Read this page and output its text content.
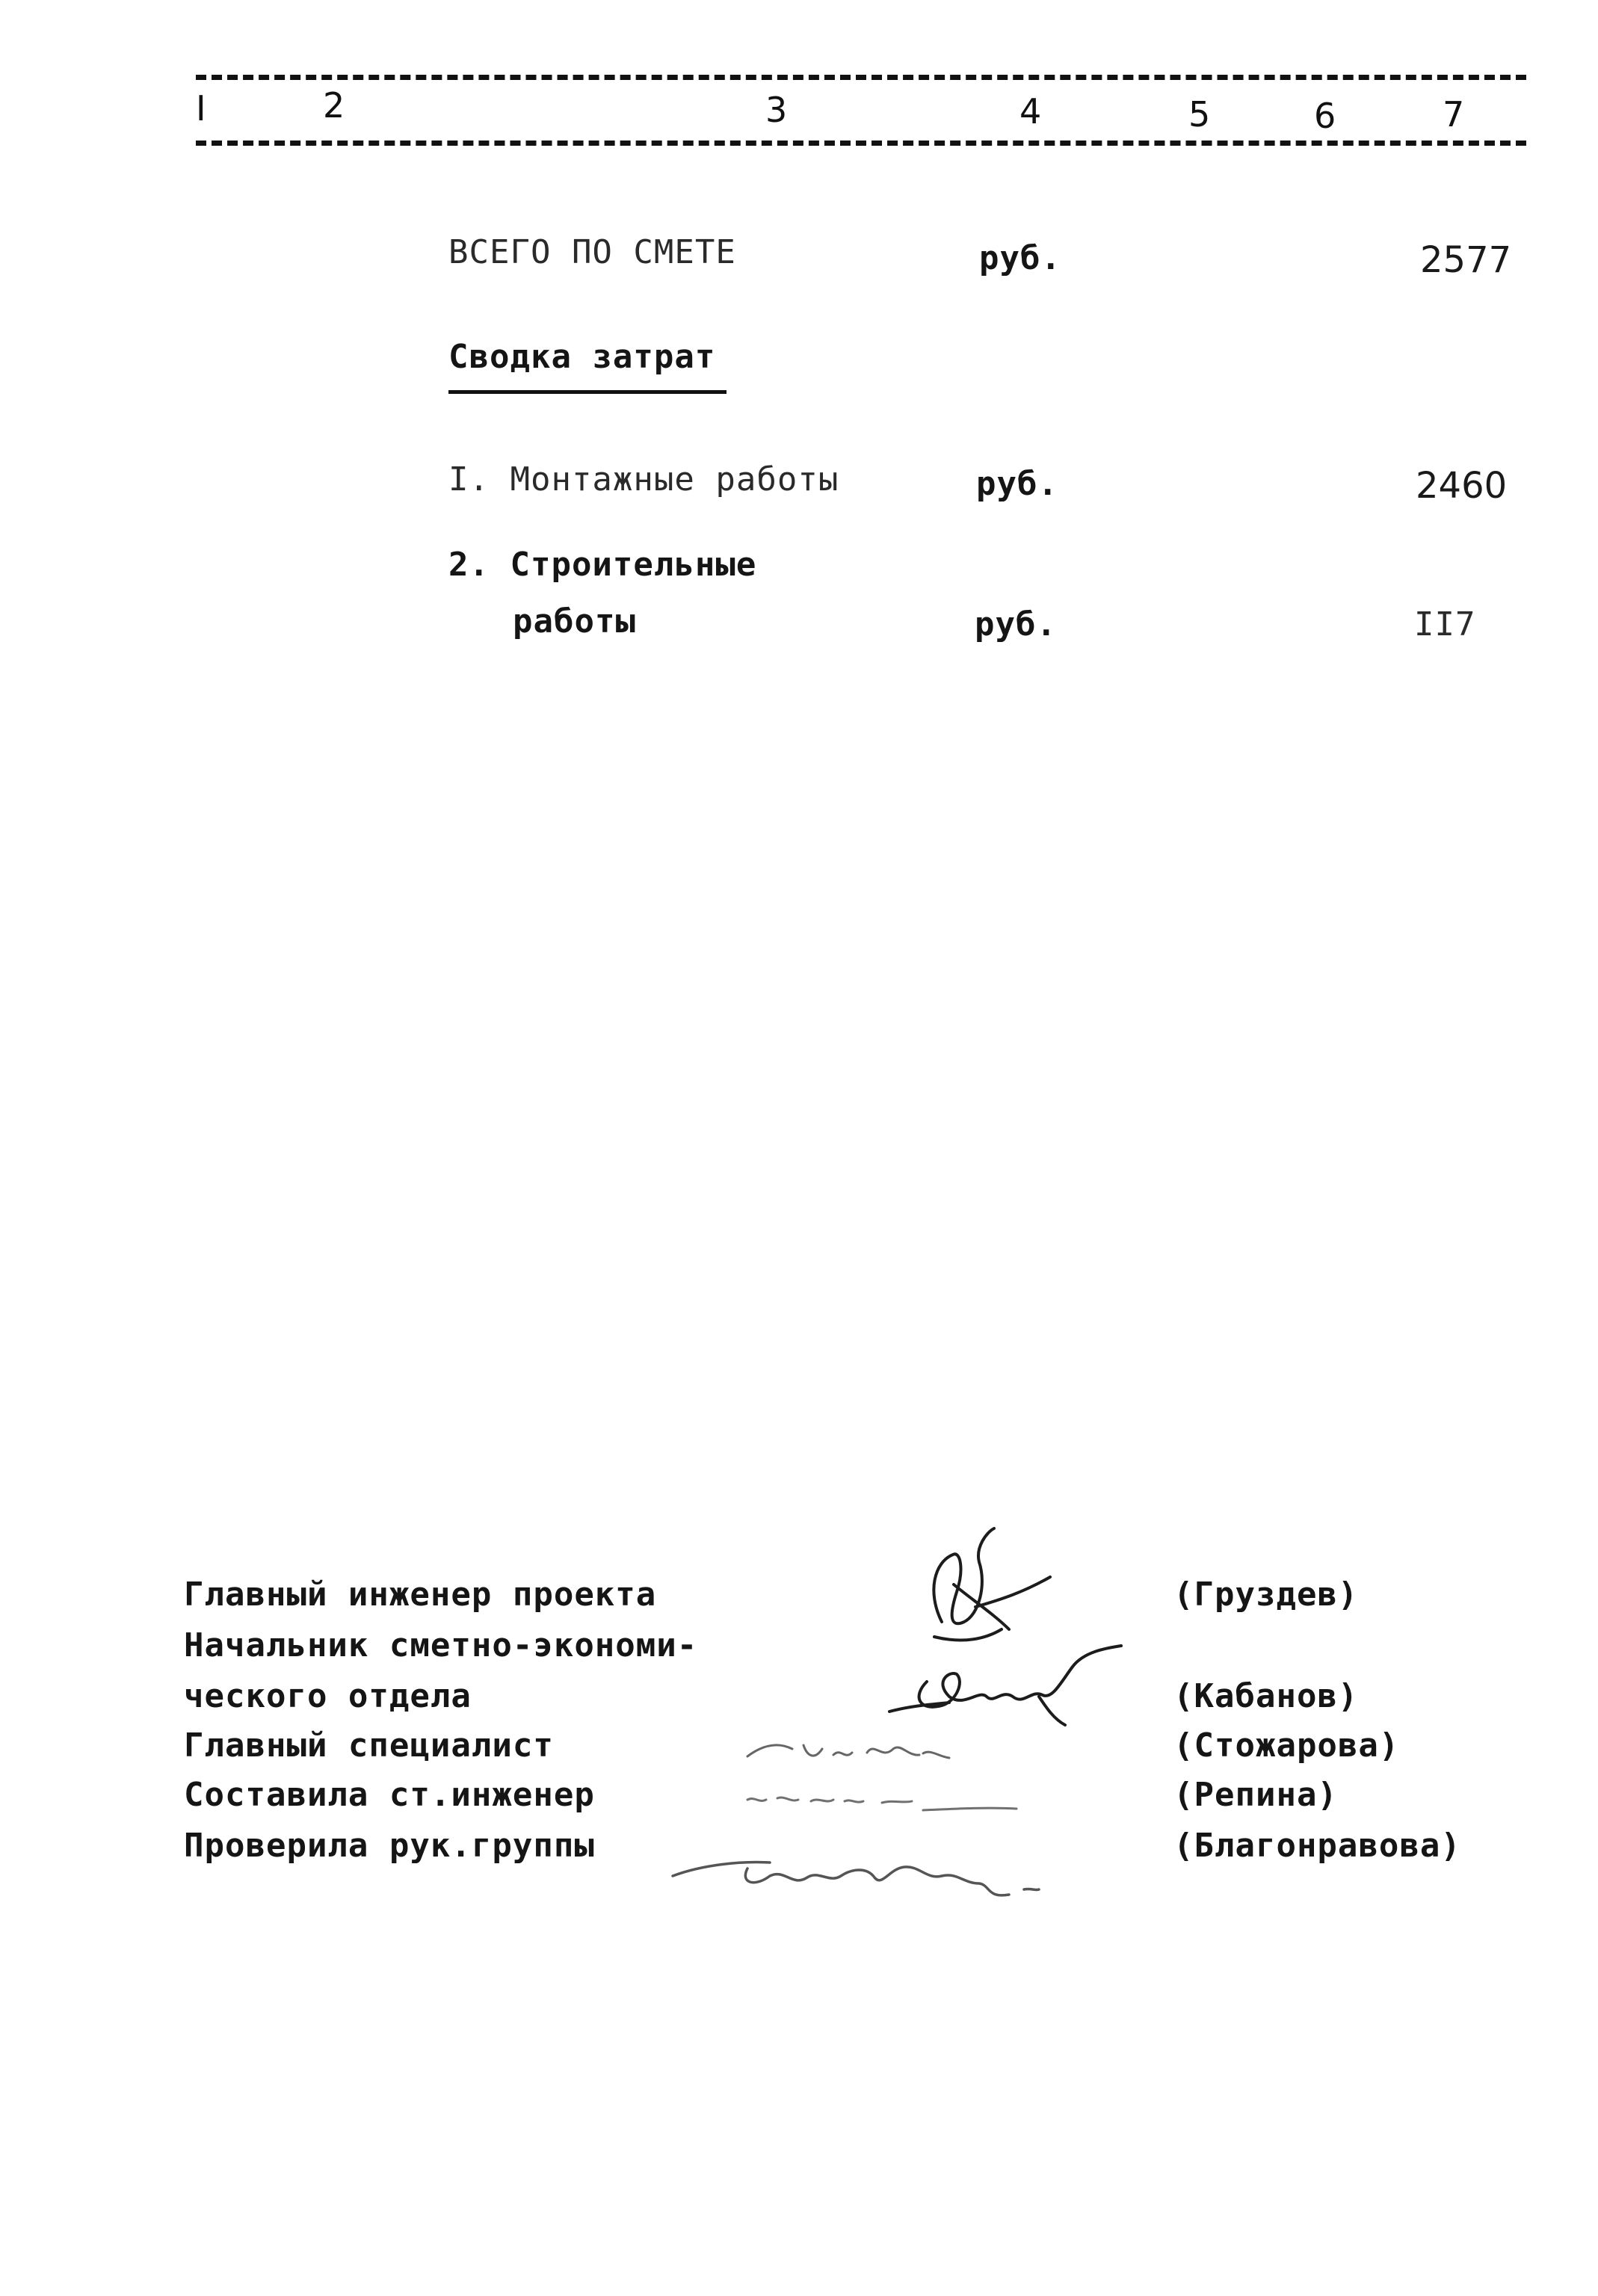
I	2	3	4	5	6	7
ВСЕГО ПО СМЕТЕ	руб.	2577
Сводка затрат
I. Монтажные работы	руб.	2460
2. Строительные
работы	руб.	II7
Главный инженер проекта	(Груздев)
Начальник сметно-экономи-
ческого отдела	(Кабанов)
Главный специалист	(Стожарова)
Составила ст.инженер	(Репина)
Проверила рук.группы	(Благонравова)
